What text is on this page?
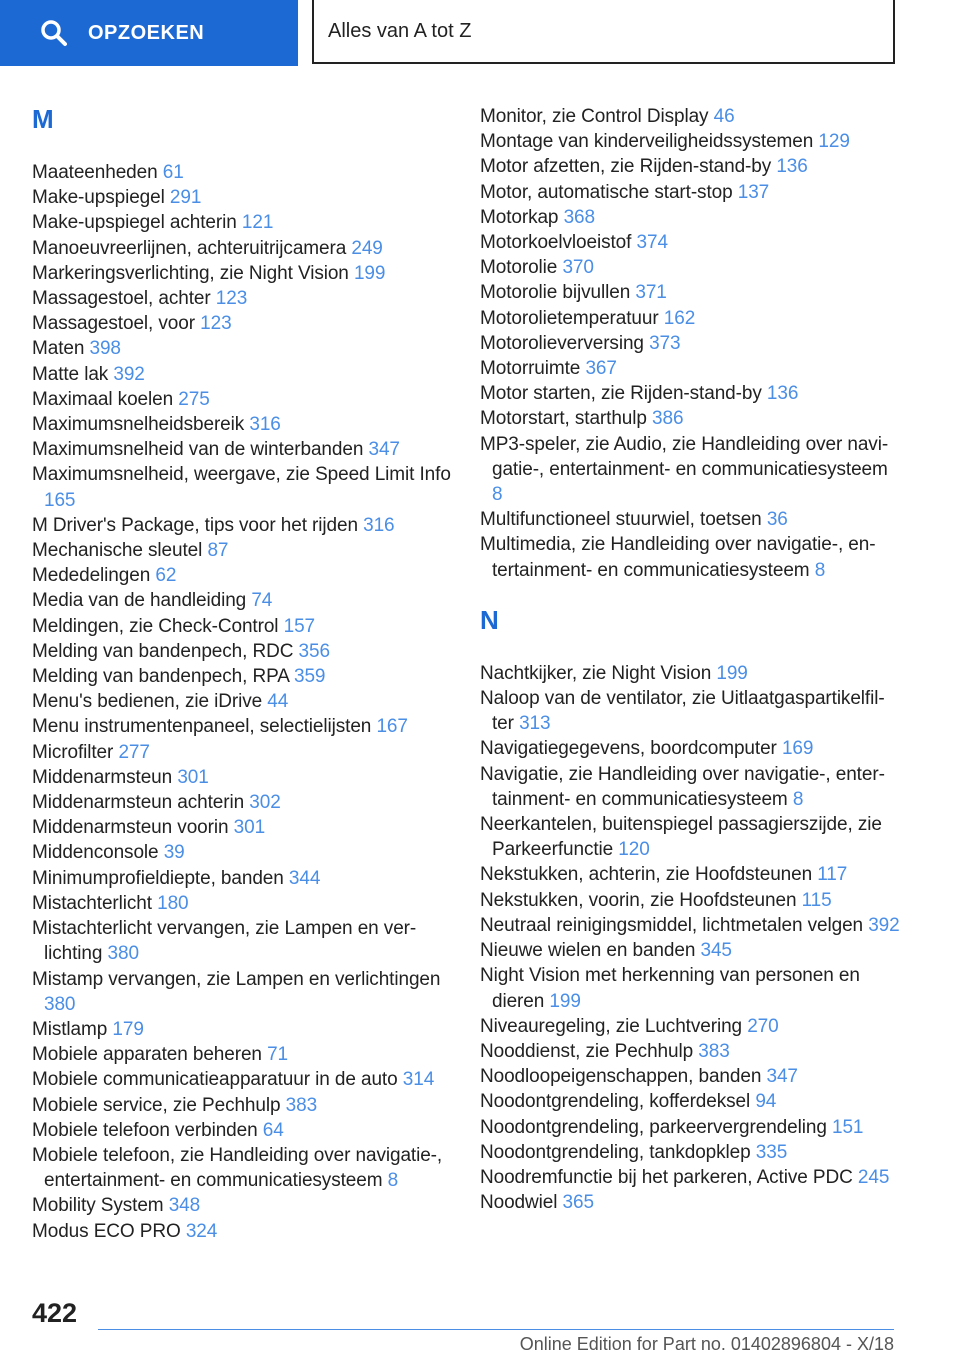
OPZOEKEN	Alles van A tot Z
M
Maateenheden 61
Make-upspiegel 291
Make-upspiegel achterin 121
Manoeuvreerlijnen, achteruitrijcamera 249
Markeringsverlichting, zie Night Vision 199
Massagestoel, achter 123
Massagestoel, voor 123
Maten 398
Matte lak 392
Maximaal koelen 275
Maximumsnelheidsbereik 316
Maximumsnelheid van de winterbanden 347
Maximumsnelheid, weergave, zie Speed Limit Info 165
M Driver's Package, tips voor het rijden 316
Mechanische sleutel 87
Mededelingen 62
Media van de handleiding 74
Meldingen, zie Check-Control 157
Melding van bandenpech, RDC 356
Melding van bandenpech, RPA 359
Menu's bedienen, zie iDrive 44
Menu instrumentenpaneel, selectielijsten 167
Microfilter 277
Middenarmsteun 301
Middenarmsteun achterin 302
Middenarmsteun voorin 301
Middenconsole 39
Minimumprofieldiepte, banden 344
Mistachterlicht 180
Mistachterlicht vervangen, zie Lampen en verlichting 380
Mistamp vervangen, zie Lampen en verlichtingen 380
Mistlamp 179
Mobiele apparaten beheren 71
Mobiele communicatieapparatuur in de auto 314
Mobiele service, zie Pechhulp 383
Mobiele telefoon verbinden 64
Mobiele telefoon, zie Handleiding over navigatie-, entertainment- en communicatiesysteem 8
Mobility System 348
Modus ECO PRO 324
Monitor, zie Control Display 46
Montage van kinderveiligheidssystemen 129
Motor afzetten, zie Rijden-stand-by 136
Motor, automatische start-stop 137
Motorkap 368
Motorkoelvloeistof 374
Motorolie 370
Motorolie bijvullen 371
Motorolietemperatuur 162
Motorolieverversing 373
Motorruimte 367
Motor starten, zie Rijden-stand-by 136
Motorstart, starthulp 386
MP3-speler, zie Audio, zie Handleiding over navigatie-, entertainment- en communicatiesysteem 8
Multifunctioneel stuurwiel, toetsen 36
Multimedia, zie Handleiding over navigatie-, entertainment- en communicatiesysteem 8
N
Nachtkijker, zie Night Vision 199
Naloop van de ventilator, zie Uitlaatgaspartikelfilter 313
Navigatiegegevens, boordcomputer 169
Navigatie, zie Handleiding over navigatie-, entertainment- en communicatiesysteem 8
Neerkantelen, buitenspiegel passagierszijde, zie Parkeerfunctie 120
Nekstukken, achterin, zie Hoofdsteunen 117
Nekstukken, voorin, zie Hoofdsteunen 115
Neutraal reinigingsmiddel, lichtmetalen velgen 392
Nieuwe wielen en banden 345
Night Vision met herkenning van personen en dieren 199
Niveauregeling, zie Luchtvering 270
Nooddienst, zie Pechhulp 383
Noodloopeigenschappen, banden 347
Noodontgrendeling, kofferdeksel 94
Noodontgrendeling, parkeervergrendeling 151
Noodontgrendeling, tankdopklep 335
Noodremfunctie bij het parkeren, Active PDC 245
Noodwiel 365
422
Online Edition for Part no. 01402896804 - X/18
